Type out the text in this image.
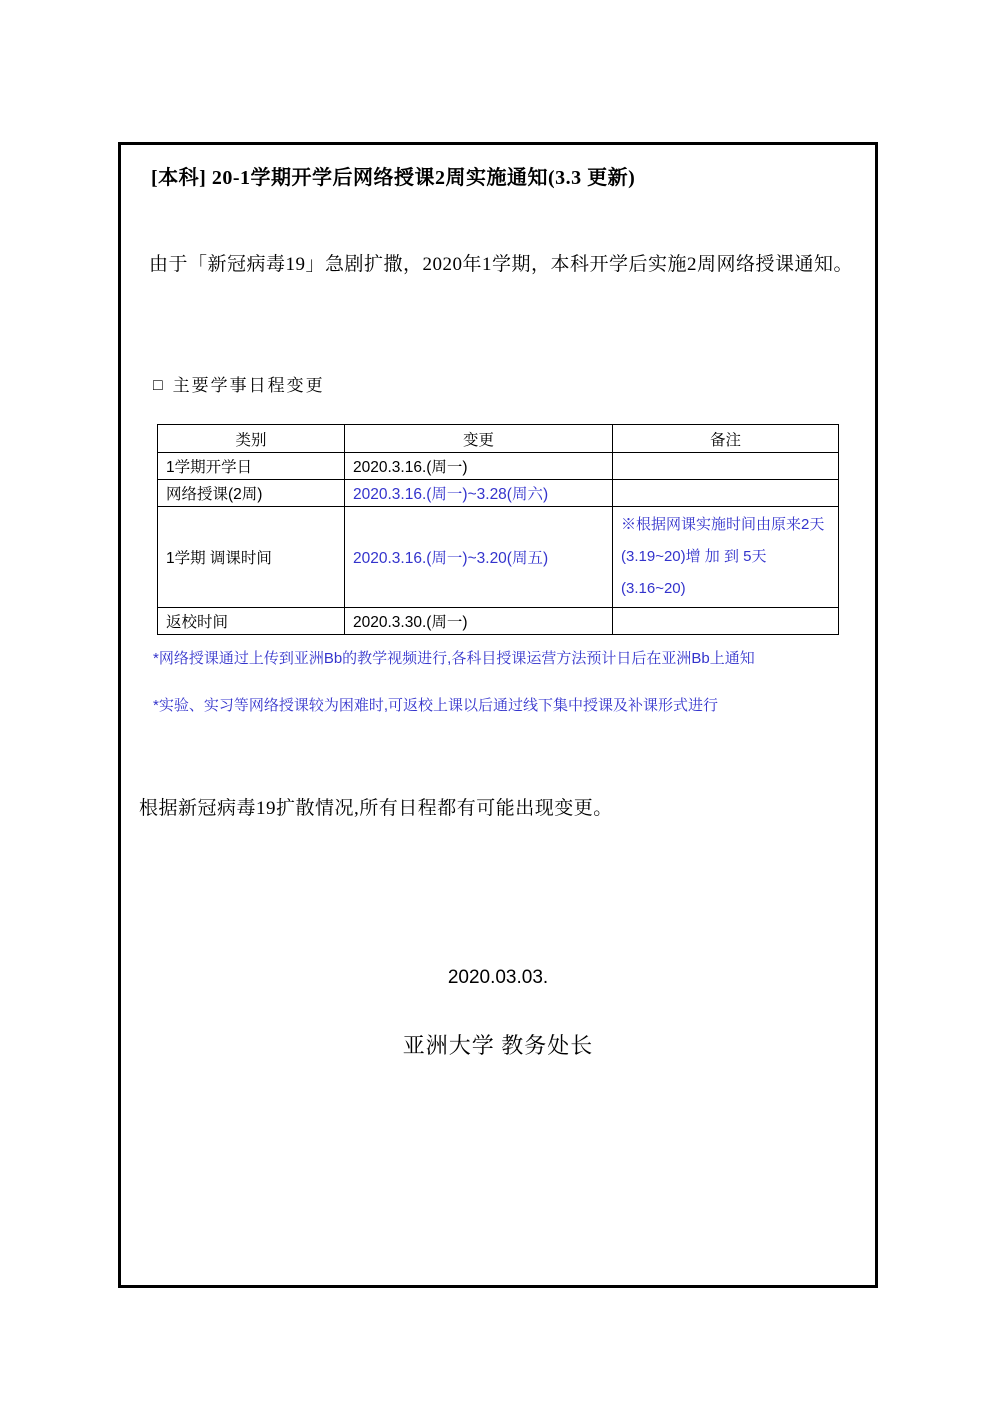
[本科] 20-1学期开学后网络授课2周实施通知(3.3 更新)
由于「新冠病毒19」急剧扩撒，2020年1学期，本科开学后实施2周网络授课通知。
□ 主要学事日程变更
类别	变更	备注
1学期开学日	2020.3.16.(周一)	
网络授课(2周)	2020.3.16.(周一)~3.28(周六)	
1学期 调课时间	2020.3.16.(周一)~3.20(周五)	※根据网课实施时间由原来2天(3.19~20)增 加 到 5天(3.16~20)
返校时间	2020.3.30.(周一)	
*网络授课通过上传到亚洲Bb的教学视频进行,各科目授课运营方法预计日后在亚洲Bb上通知
*实验、实习等网络授课较为困难时,可返校上课以后通过线下集中授课及补课形式进行
根据新冠病毒19扩散情况,所有日程都有可能出现变更。
2020.03.03.
亚洲大学 教务处长
